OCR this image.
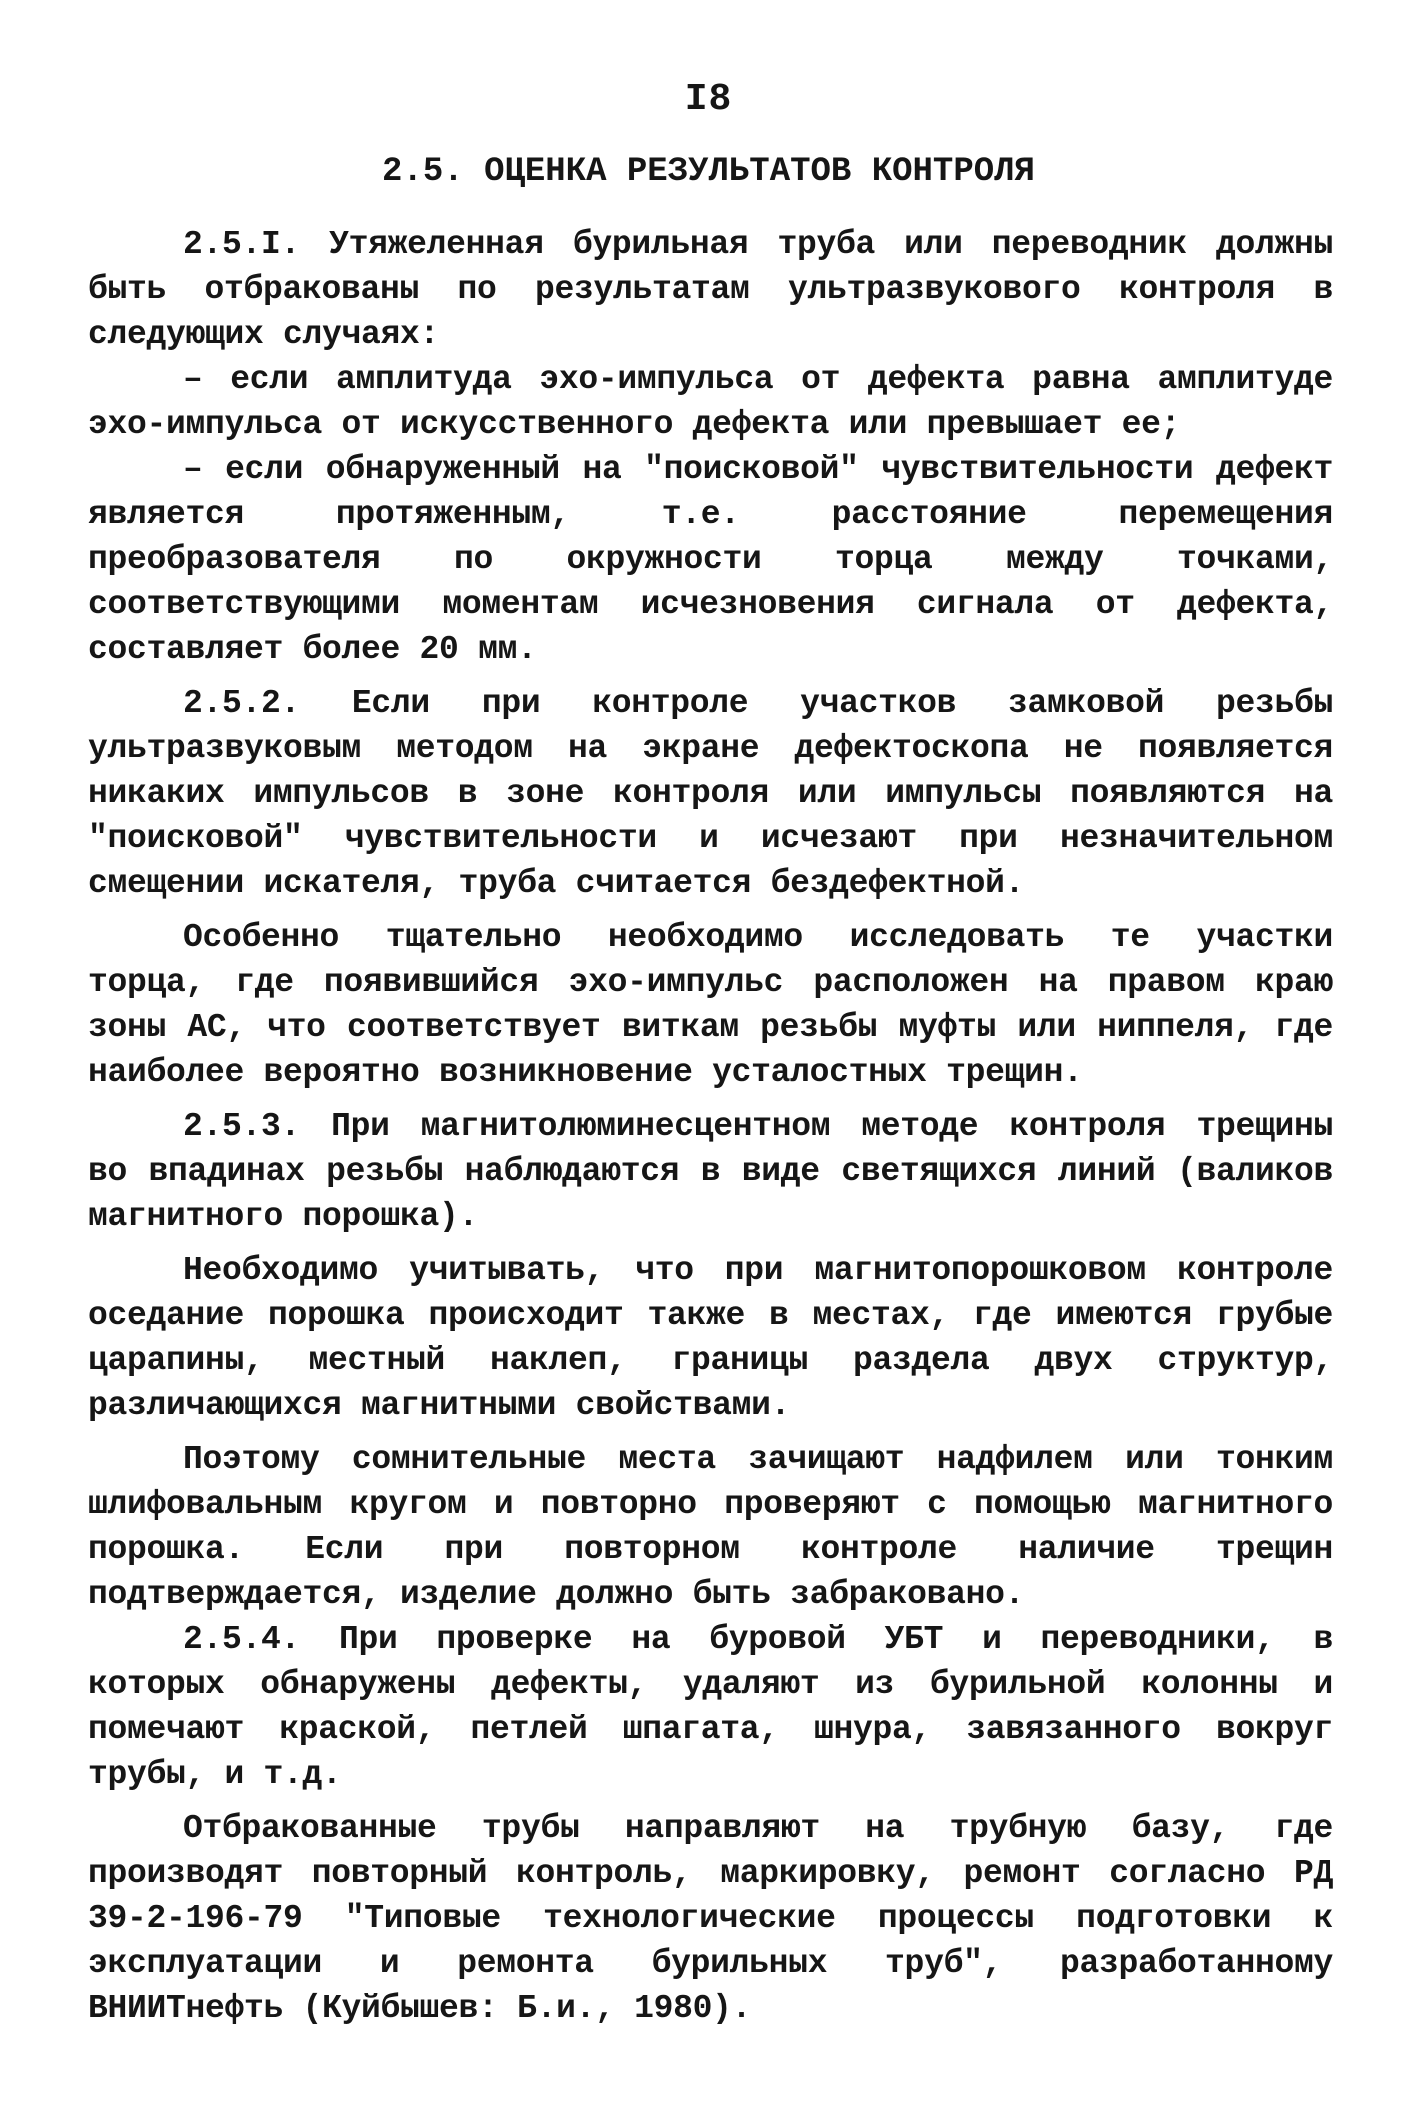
I8
2.5. ОЦЕНКА РЕЗУЛЬТАТОВ КОНТРОЛЯ

2.5.I. Утяжеленная бурильная труба или переводник должны быть отбракованы по результатам ультразвукового контроля в следующих случаях:

– если амплитуда эхо-импульса от дефекта равна амплитуде эхо-импульса от искусственного дефекта или превышает ее;

– если обнаруженный на "поисковой" чувствительности дефект является протяженным, т.е. расстояние перемещения преобразователя по окружности торца между точками, соответствующими моментам исчезновения сигнала от дефекта, составляет более 20 мм.

2.5.2. Если при контроле участков замковой резьбы ультразвуковым методом на экране дефектоскопа не появляется никаких импульсов в зоне контроля или импульсы появляются на "поисковой" чувствительности и исчезают при незначительном смещении искателя, труба считается бездефектной.

Особенно тщательно необходимо исследовать те участки торца, где появившийся эхо-импульс расположен на правом краю зоны АС, что соответствует виткам резьбы муфты или ниппеля, где наиболее вероятно возникновение усталостных трещин.

2.5.3. При магнитолюминесцентном методе контроля трещины во впадинах резьбы наблюдаются в виде светящихся линий (валиков магнитного порошка).

Необходимо учитывать, что при магнитопорошковом контроле оседание порошка происходит также в местах, где имеются грубые царапины, местный наклеп, границы раздела двух структур, различающихся магнитными свойствами.

Поэтому сомнительные места зачищают надфилем или тонким шлифовальным кругом и повторно проверяют с помощью магнитного порошка. Если при повторном контроле наличие трещин подтверждается, изделие должно быть забраковано.

2.5.4. При проверке на буровой УБТ и переводники, в которых обнаружены дефекты, удаляют из бурильной колонны и помечают краской, петлей шпагата, шнура, завязанного вокруг трубы, и т.д.

Отбракованные трубы направляют на трубную базу, где производят повторный контроль, маркировку, ремонт согласно РД 39-2-196-79 "Типовые технологические процессы подготовки к эксплуатации и ремонта бурильных труб", разработанному ВНИИТнефть (Куйбышев: Б.и., 1980).
